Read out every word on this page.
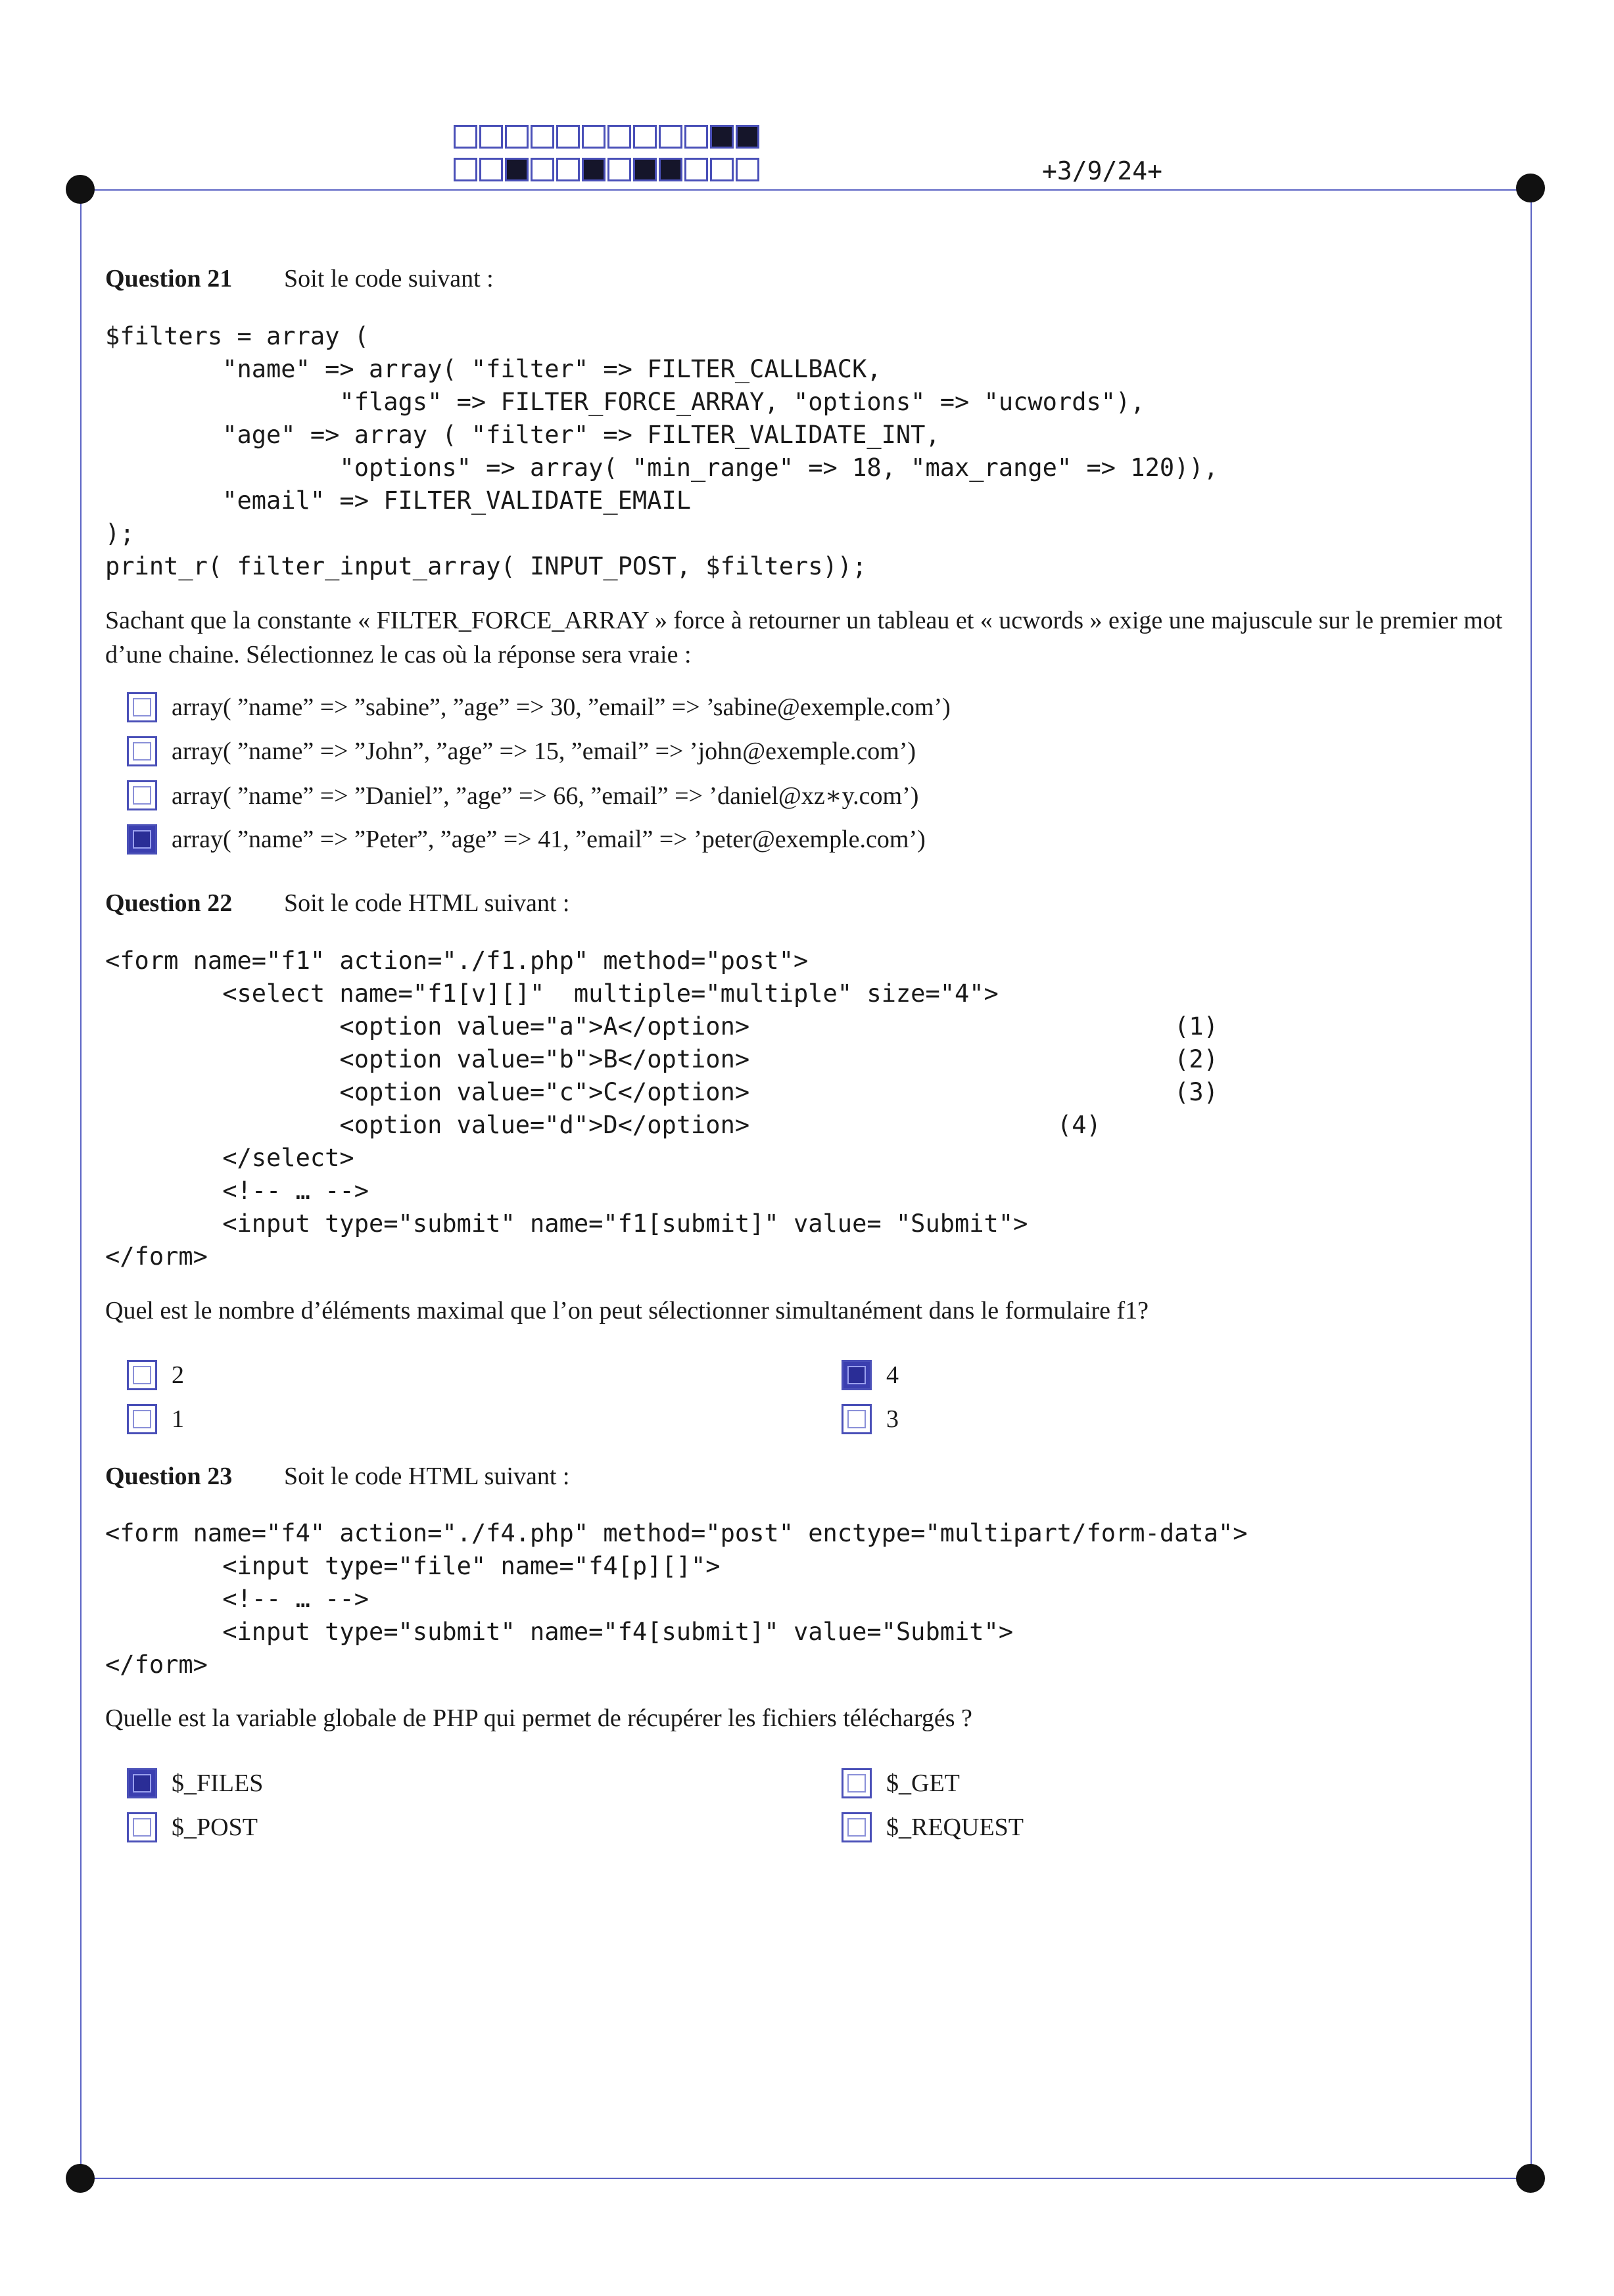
+3/9/24+
Question 21 Soit le code suivant :
$filters = array (
"name" => array( "filter" => FILTER_CALLBACK,
"flags" => FILTER_FORCE_ARRAY, "options" => "ucwords"),
"age" => array ( "filter" => FILTER_VALIDATE_INT,
"options" => array( "min_range" => 18, "max_range" => 120)),
"email" => FILTER_VALIDATE_EMAIL
);
print_r( filter_input_array( INPUT_POST, $filters));
Sachant que la constante « FILTER_FORCE_ARRAY » force à retourner un tableau et « ucwords » exige une majuscule sur le premier mot d’une chaine. Sélectionnez le cas où la réponse sera vraie :
array( ”name” => ”sabine”, ”age” => 30, ”email” => ’sabine@exemple.com’)
array( ”name” => ”John”, ”age” => 15, ”email” => ’john@exemple.com’)
array( ”name” => ”Daniel”, ”age” => 66, ”email” => ’daniel@xz∗y.com’)
array( ”name” => ”Peter”, ”age” => 41, ”email” => ’peter@exemple.com’)
Question 22 Soit le code HTML suivant :
<form name="f1" action="./f1.php" method="post">
<select name="f1[v][]"  multiple="multiple" size="4">
<option value="a">A</option>                             (1)
<option value="b">B</option>                             (2)
<option value="c">C</option>                             (3)
<option value="d">D</option>                     (4)
</select>
<!-- … -->
<input type="submit" name="f1[submit]" value= "Submit">
</form>
Quel est le nombre d’éléments maximal que l’on peut sélectionner simultanément dans le formulaire f1?
2	4
1	3
Question 23 Soit le code HTML suivant :
<form name="f4" action="./f4.php" method="post" enctype="multipart/form-data">
<input type="file" name="f4[p][]">
<!-- … -->
<input type="submit" name="f4[submit]" value="Submit">
</form>
Quelle est la variable globale de PHP qui permet de récupérer les fichiers téléchargés ?
$_FILES	$_GET
$_POST	$_REQUEST
